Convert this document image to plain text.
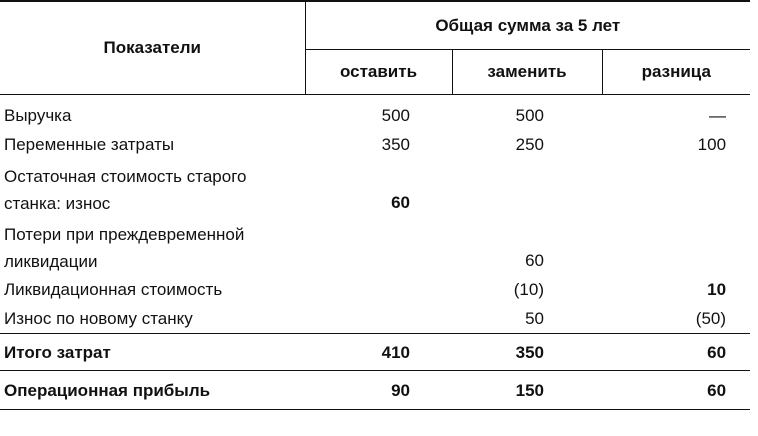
Показатели	Общая сумма за 5 лет		
	оставить	заменить	разница
Выручка	500	500	—
Переменные затраты	350	250	100

Остаточная стоимость старого станка: износ	60		

Потери при преждевременной ликвидации		60	
Ликвидационная стоимость		(10)	10
Износ по новому станку		50	(50)
Итого затрат	410	350	60
Операционная прибыль	90	150	60
